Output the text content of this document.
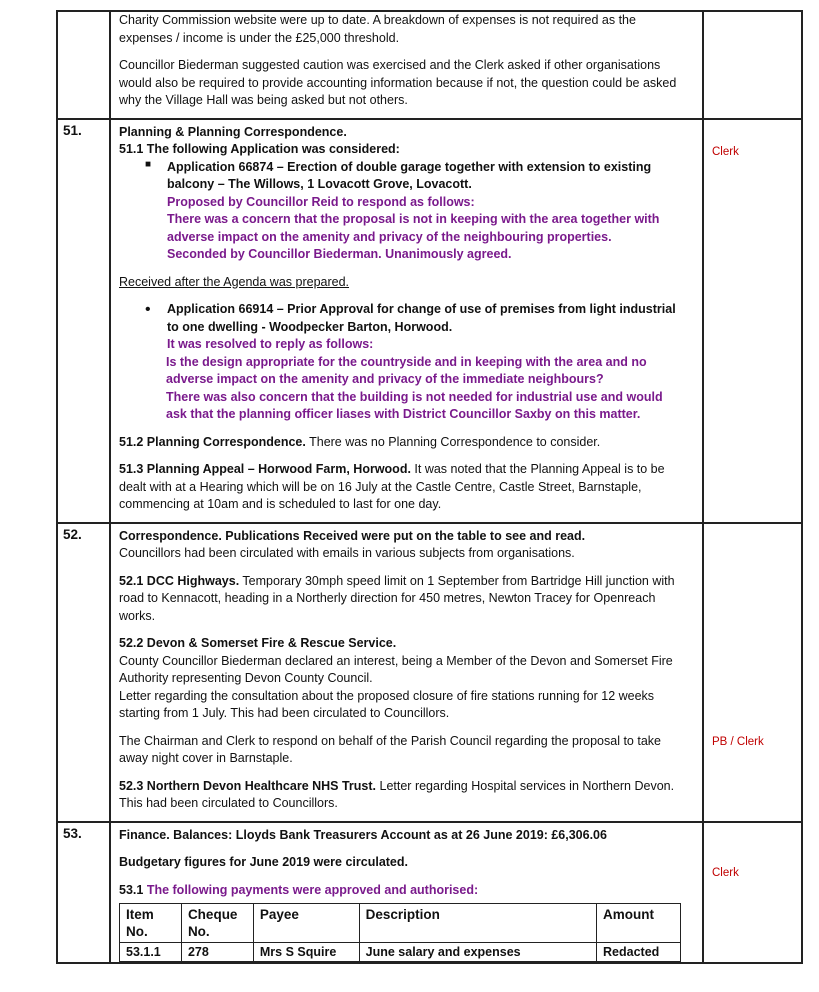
Charity Commission website were up to date. A breakdown of expenses is not required as the

expenses / income is under the £25,000 threshold.

Councillor Biederman suggested caution was exercised and the Clerk asked if other organisations

would also be required to provide accounting information because if not, the question could be asked

why the Village Hall was being asked but not others.

51.	Planning & Planning Correspondence.

51.1 The following Application was considered:

■	Application 66874 – Erection of double garage together with extension to existing

balcony – The Willows, 1 Lovacott Grove, Lovacott.

Proposed by Councillor Reid to respond as follows:

There was a concern that the proposal is not in keeping with the area together with

adverse impact on the amenity and privacy of the neighbouring properties.

Seconded by Councillor Biederman. Unanimously agreed.

Received after the Agenda was prepared.

•	Application 66914 – Prior Approval for change of use of premises from light industrial

to one dwelling - Woodpecker Barton, Horwood.

It was resolved to reply as follows:

Is the design appropriate for the countryside and in keeping with the area and no

adverse impact on the amenity and privacy of the immediate neighbours?

There was also concern that the building is not needed for industrial use and would

ask that the planning officer liases with District Councillor Saxby on this matter.

51.2 Planning Correspondence. There was no Planning Correspondence to consider.

51.3 Planning Appeal – Horwood Farm, Horwood. It was noted that the Planning Appeal is to be

dealt with at a Hearing which will be on 16 July at the Castle Centre, Castle Street, Barnstaple,

commencing at 10am and is scheduled to last for one day.

Clerk

52.	Correspondence. Publications Received were put on the table to see and read.

Councillors had been circulated with emails in various subjects from organisations.

52.1 DCC Highways. Temporary 30mph speed limit on 1 September from Bartridge Hill junction with

road to Kennacott, heading in a Northerly direction for 450 metres, Newton Tracey for Openreach

works.

52.2 Devon & Somerset Fire & Rescue Service.

County Councillor Biederman declared an interest, being a Member of the Devon and Somerset Fire

Authority representing Devon County Council.

Letter regarding the consultation about the proposed closure of fire stations running for 12 weeks

starting from 1 July. This had been circulated to Councillors.

The Chairman and Clerk to respond on behalf of the Parish Council regarding the proposal to take

away night cover in Barnstaple.

52.3 Northern Devon Healthcare NHS Trust. Letter regarding Hospital services in Northern Devon.

This had been circulated to Councillors.

PB / Clerk

53.	Finance. Balances: Lloyds Bank Treasurers Account as at 26 June 2019: £6,306.06

Budgetary figures for June 2019 were circulated.

53.1 The following payments were approved and authorised:

Item No.	Cheque No.	Payee	Description	Amount
53.1.1	278	Mrs S Squire	June salary and expenses	Redacted

Clerk
